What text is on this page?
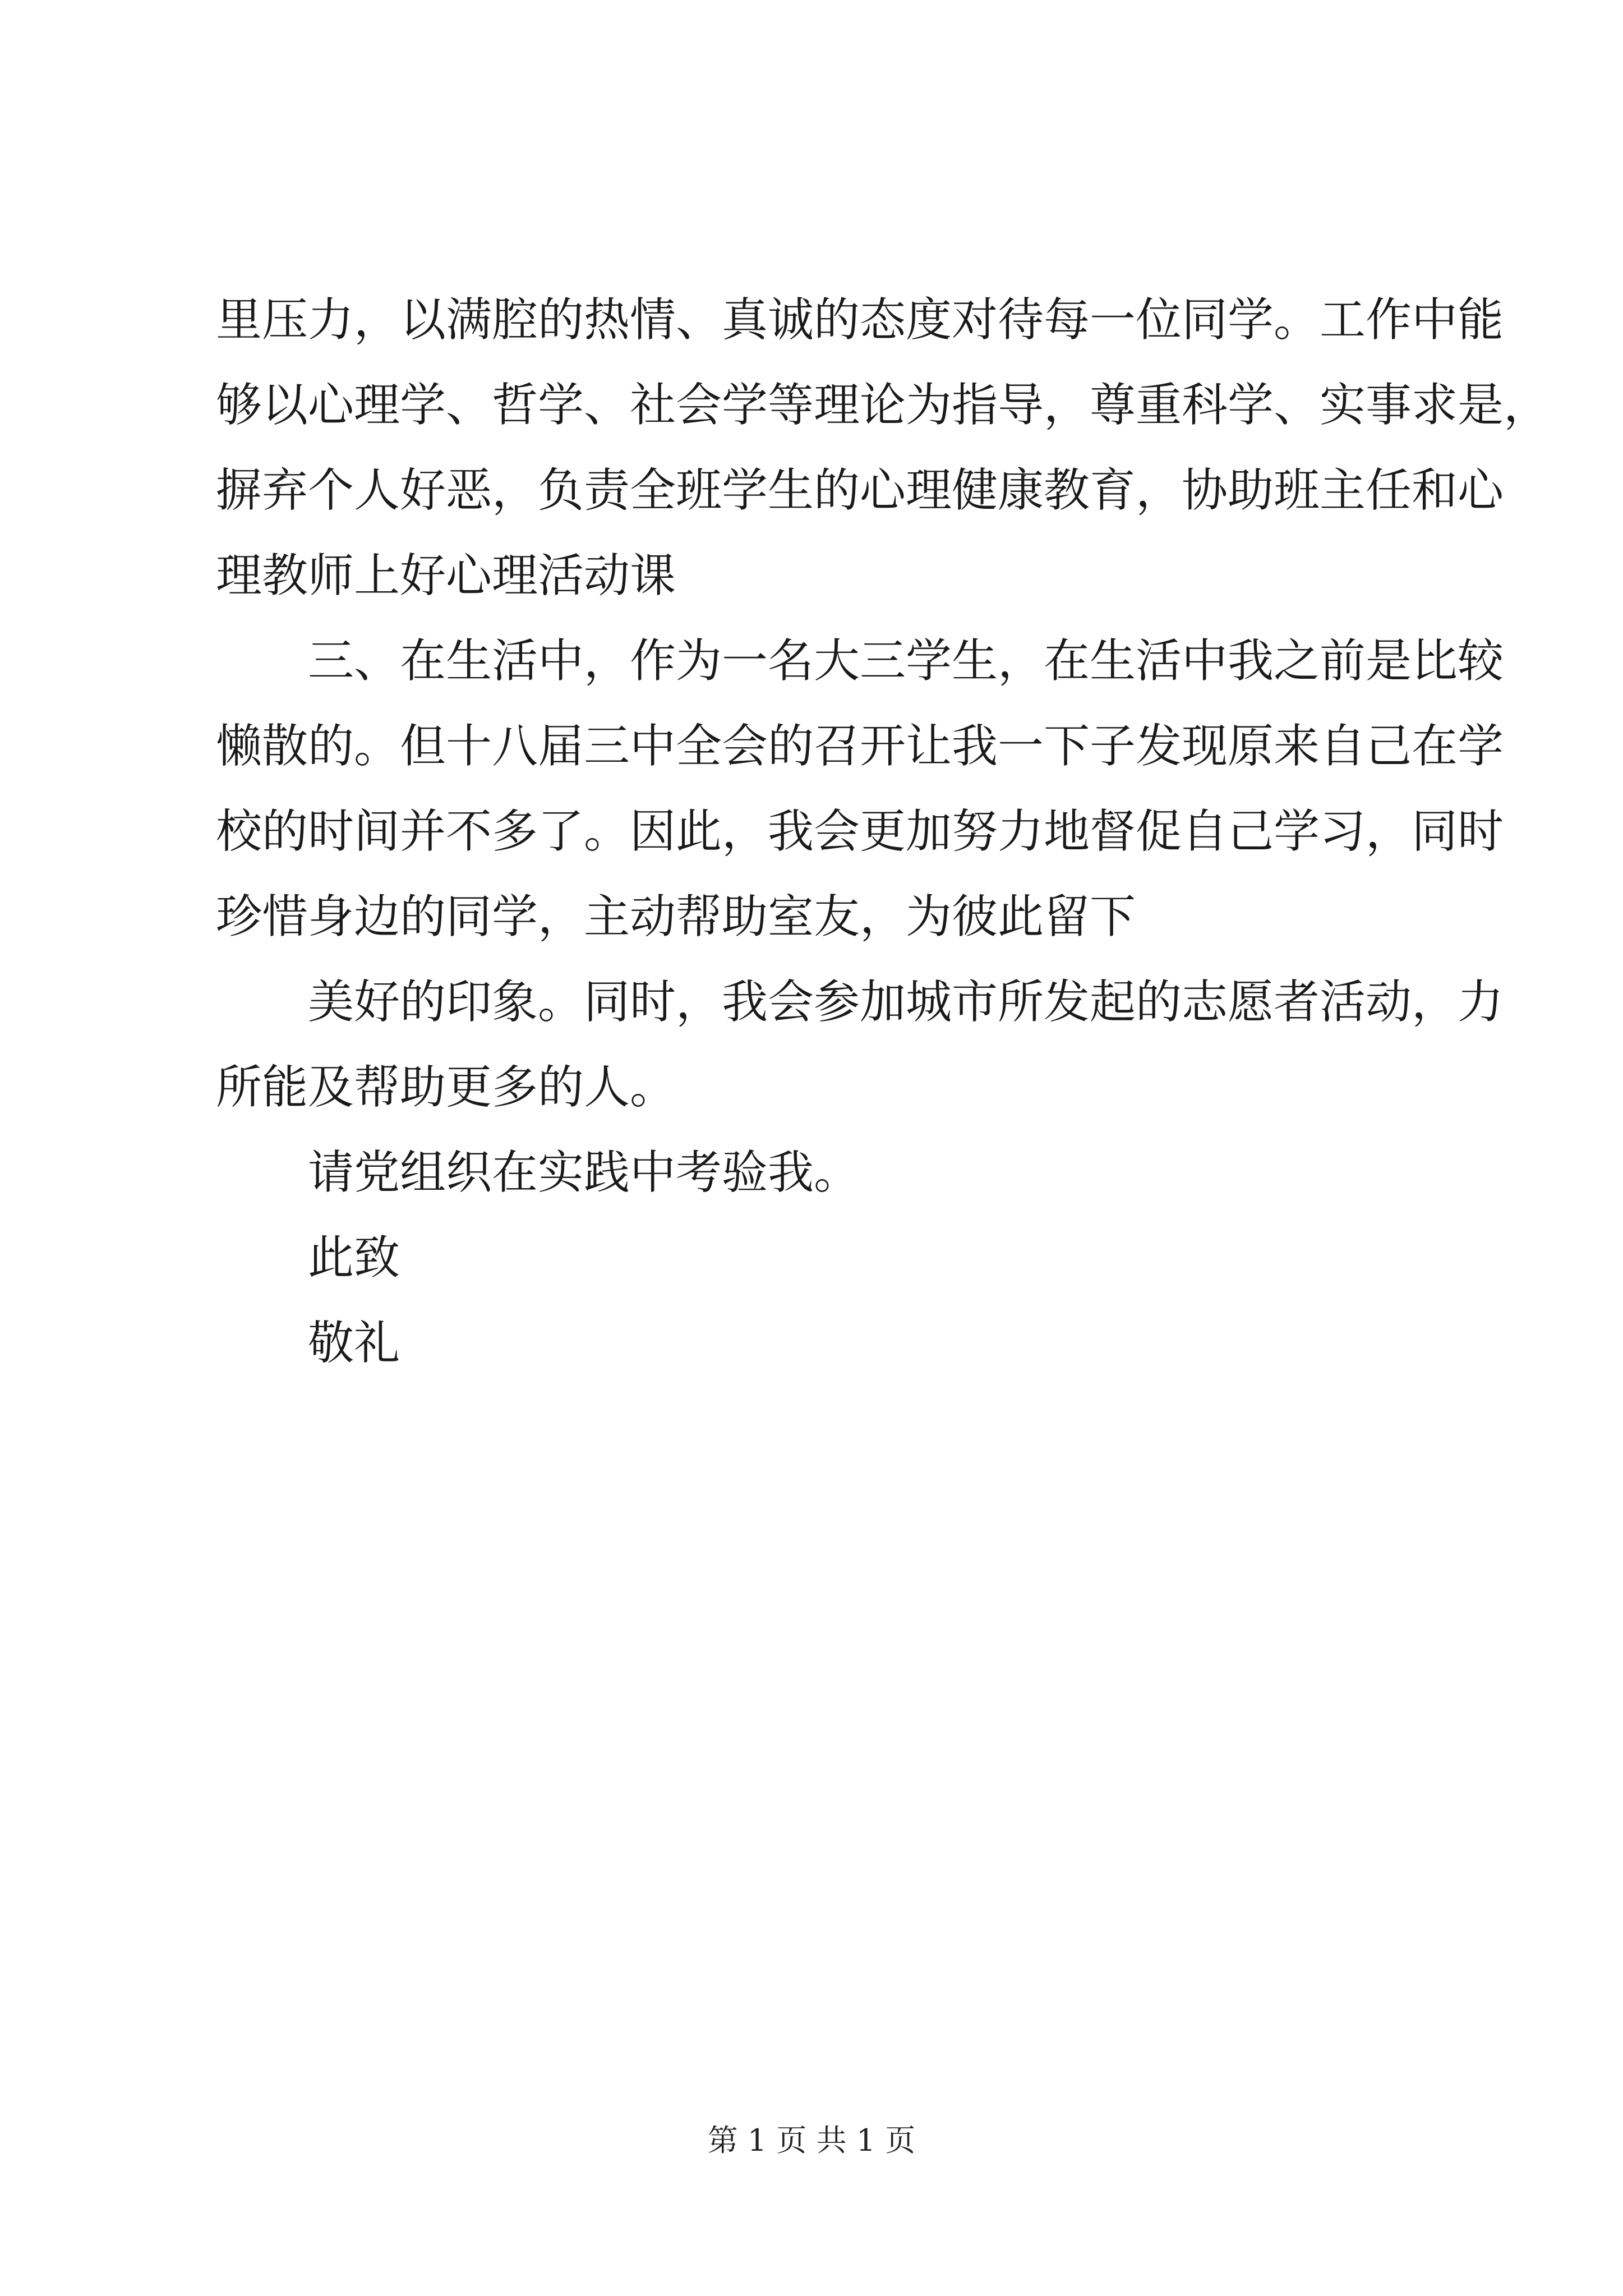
里压力，以满腔的热情、真诚的态度对待每一位同学。工作中能
够以心理学、哲学、社会学等理论为指导，尊重科学、实事求是，
摒弃个人好恶，负责全班学生的心理健康教育，协助班主任和心
理教师上好心理活动课
三、在生活中，作为一名大三学生，在生活中我之前是比较
懒散的。但十八届三中全会的召开让我一下子发现原来自己在学
校的时间并不多了。因此，我会更加努力地督促自己学习，同时
珍惜身边的同学，主动帮助室友，为彼此留下
美好的印象。同时，我会参加城市所发起的志愿者活动，力
所能及帮助更多的人。
请党组织在实践中考验我。
此致
敬礼
第 1 页 共 1 页
